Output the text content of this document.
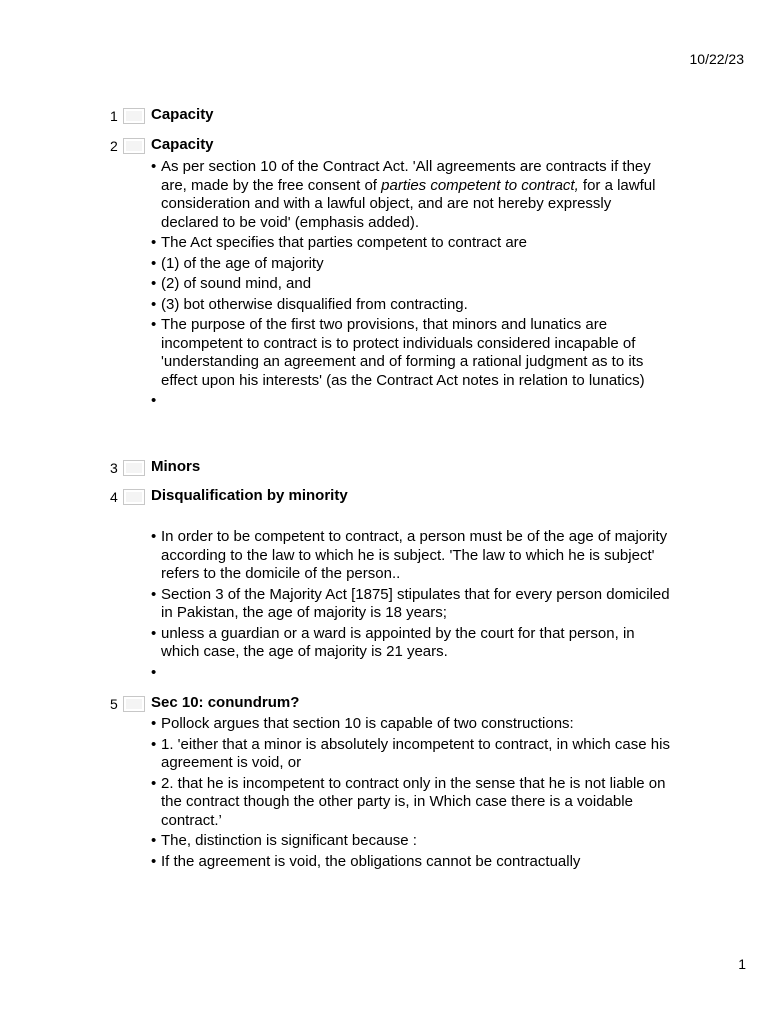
10/22/23
1 Capacity
2 Capacity
• As per section 10 of the Contract Act. 'All agreements are contracts if they are, made by the free consent of parties competent to contract, for a lawful consideration and with a lawful object, and are not hereby expressly declared to be void' (emphasis added).
• The Act specifies that parties competent to contract are
• (1) of the age of majority
• (2) of sound mind, and
• (3) bot otherwise disqualified from contracting.
• The purpose of the first two provisions, that minors and lunatics are incompetent to contract is to protect individuals considered incapable of 'understanding an agreement and of forming a rational judgment as to its effect upon his interests' (as the Contract Act notes in relation to lunatics)
•
3 Minors
4 Disqualification by minority
• In order to be competent to contract, a person must be of the age of majority according to the law to which he is subject. 'The law to which he is subject' refers to the domicile of the person..
• Section 3 of the Majority Act [1875] stipulates that for every person domiciled in Pakistan, the age of majority is 18 years;
• unless a guardian or a ward is appointed by the court for that person, in which case, the age of majority is 21 years.
•
5 Sec 10: conundrum?
• Pollock argues that section 10 is capable of two constructions:
• 1. 'either that a minor is absolutely incompetent to contract, in which case his agreement is void, or
• 2. that he is incompetent to contract only in the sense that he is not liable on the contract though the other party is, in Which case there is a voidable contract.’
• The, distinction is significant because :
• If the agreement is void, the obligations cannot be contractually
1
